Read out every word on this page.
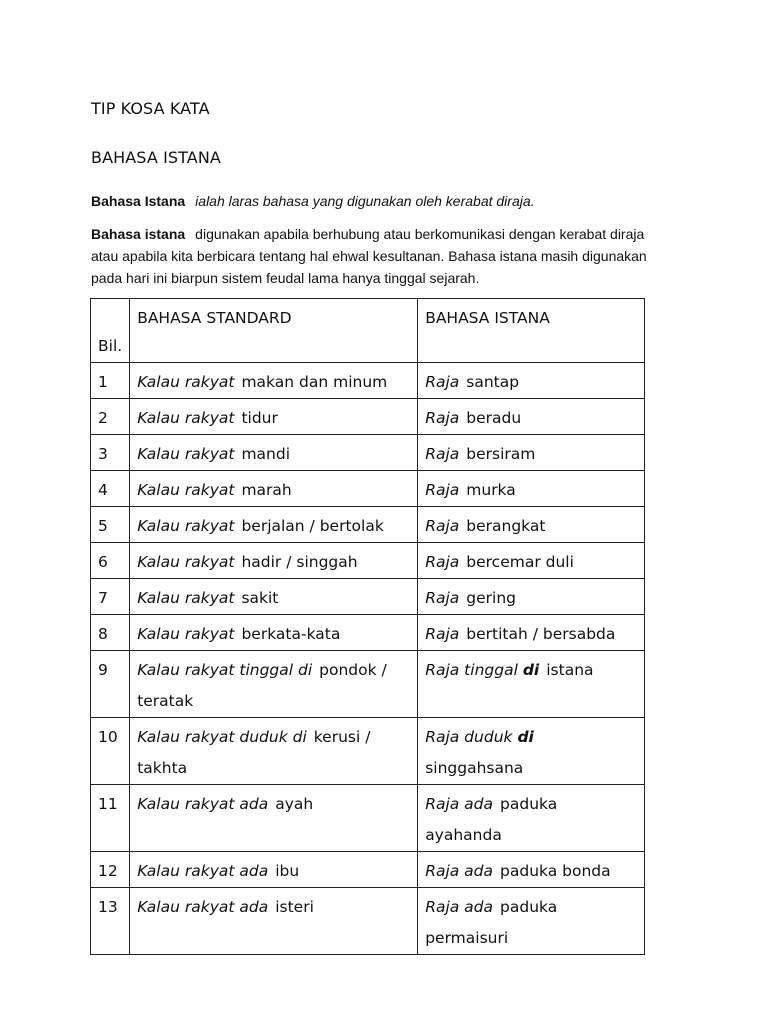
TIP KOSA KATA
BAHASA ISTANA
Bahasa Istana ialah laras bahasa yang digunakan oleh kerabat diraja.
Bahasa istana digunakan apabila berhubung atau berkomunikasi dengan kerabat diraja atau apabila kita berbicara tentang hal ehwal kesultanan. Bahasa istana masih digunakan pada hari ini biarpun sistem feudal lama hanya tinggal sejarah.
Bil.	BAHASA STANDARD	BAHASA ISTANA
1	Kalau rakyat makan dan minum	Raja santap
2	Kalau rakyat tidur	Raja beradu
3	Kalau rakyat mandi	Raja bersiram
4	Kalau rakyat marah	Raja murka
5	Kalau rakyat berjalan / bertolak	Raja berangkat
6	Kalau rakyat hadir / singgah	Raja bercemar duli
7	Kalau rakyat sakit	Raja gering
8	Kalau rakyat berkata-kata	Raja bertitah / bersabda
9	Kalau rakyat tinggal di pondok / teratak	Raja tinggal di istana
10	Kalau rakyat duduk di kerusi / takhta	Raja duduk disinggahsana
11	Kalau rakyat ada ayah	Raja ada paduka ayahanda
12	Kalau rakyat ada ibu	Raja ada paduka bonda
13	Kalau rakyat ada isteri	Raja ada paduka permaisuri
